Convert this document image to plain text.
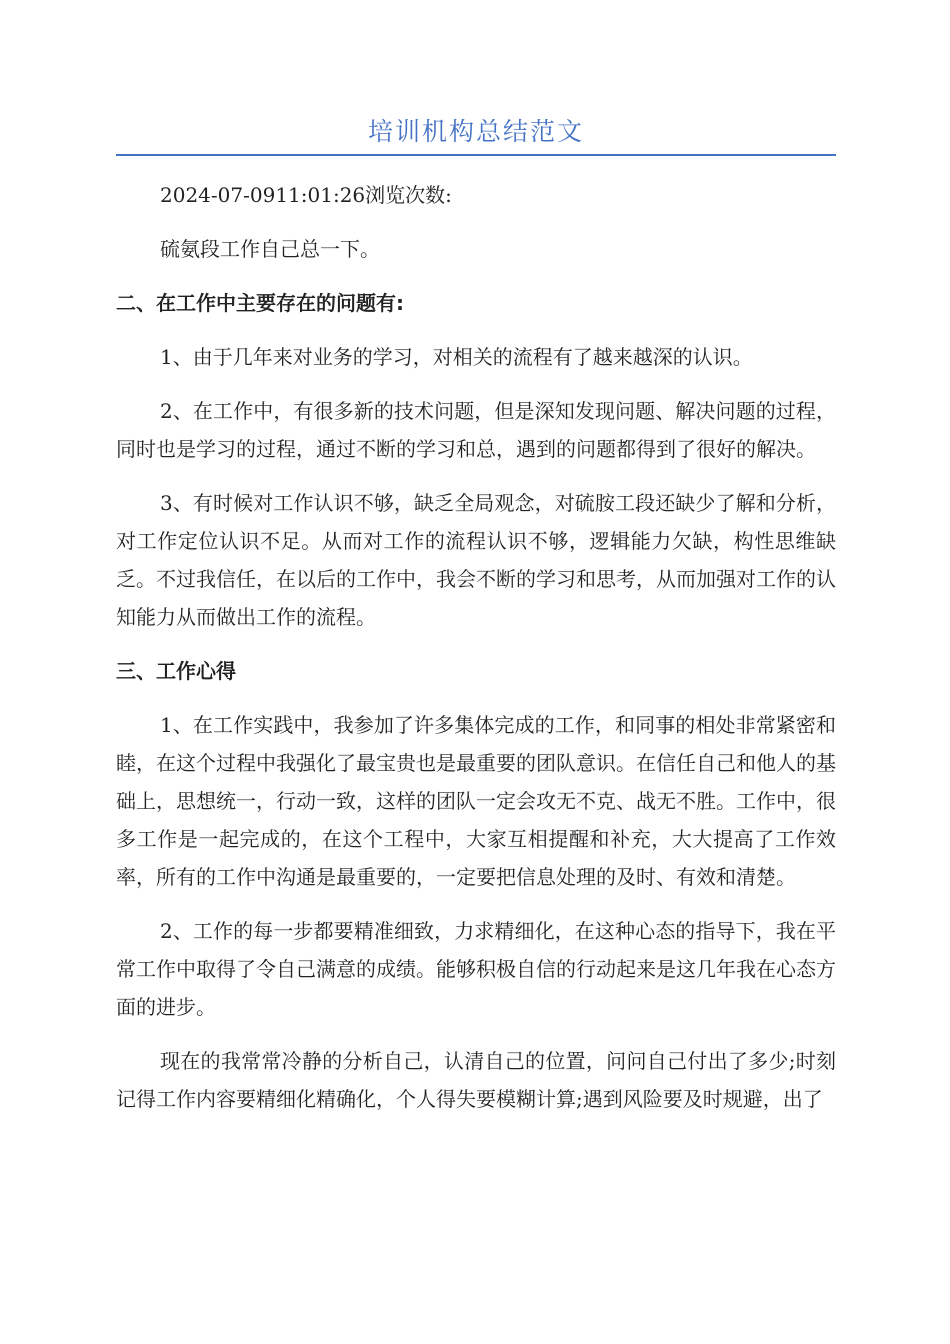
培训机构总结范文

2024-07-0911:01:26浏览次数:

硫氨段工作自己总一下。

二、在工作中主要存在的问题有:

1、由于几年来对业务的学习，对相关的流程有了越来越深的认识。

2、在工作中，有很多新的技术问题，但是深知发现问题、解决问题的过程，同时也是学习的过程，通过不断的学习和总，遇到的问题都得到了很好的解决。

3、有时候对工作认识不够，缺乏全局观念，对硫胺工段还缺少了解和分析，对工作定位认识不足。从而对工作的流程认识不够，逻辑能力欠缺，构性思维缺乏。不过我信任，在以后的工作中，我会不断的学习和思考，从而加强对工作的认知能力从而做出工作的流程。

三、工作心得

1、在工作实践中，我参加了许多集体完成的工作，和同事的相处非常紧密和睦，在这个过程中我强化了最宝贵也是最重要的团队意识。在信任自己和他人的基础上，思想统一，行动一致，这样的团队一定会攻无不克、战无不胜。工作中，很多工作是一起完成的，在这个工程中，大家互相提醒和补充，大大提高了工作效率，所有的工作中沟通是最重要的，一定要把信息处理的及时、有效和清楚。

2、工作的每一步都要精准细致，力求精细化，在这种心态的指导下，我在平常工作中取得了令自己满意的成绩。能够积极自信的行动起来是这几年我在心态方面的进步。

现在的我常常冷静的分析自己，认清自己的位置，问问自己付出了多少;时刻记得工作内容要精细化精确化，个人得失要模糊计算;遇到风险要及时规避，出了
